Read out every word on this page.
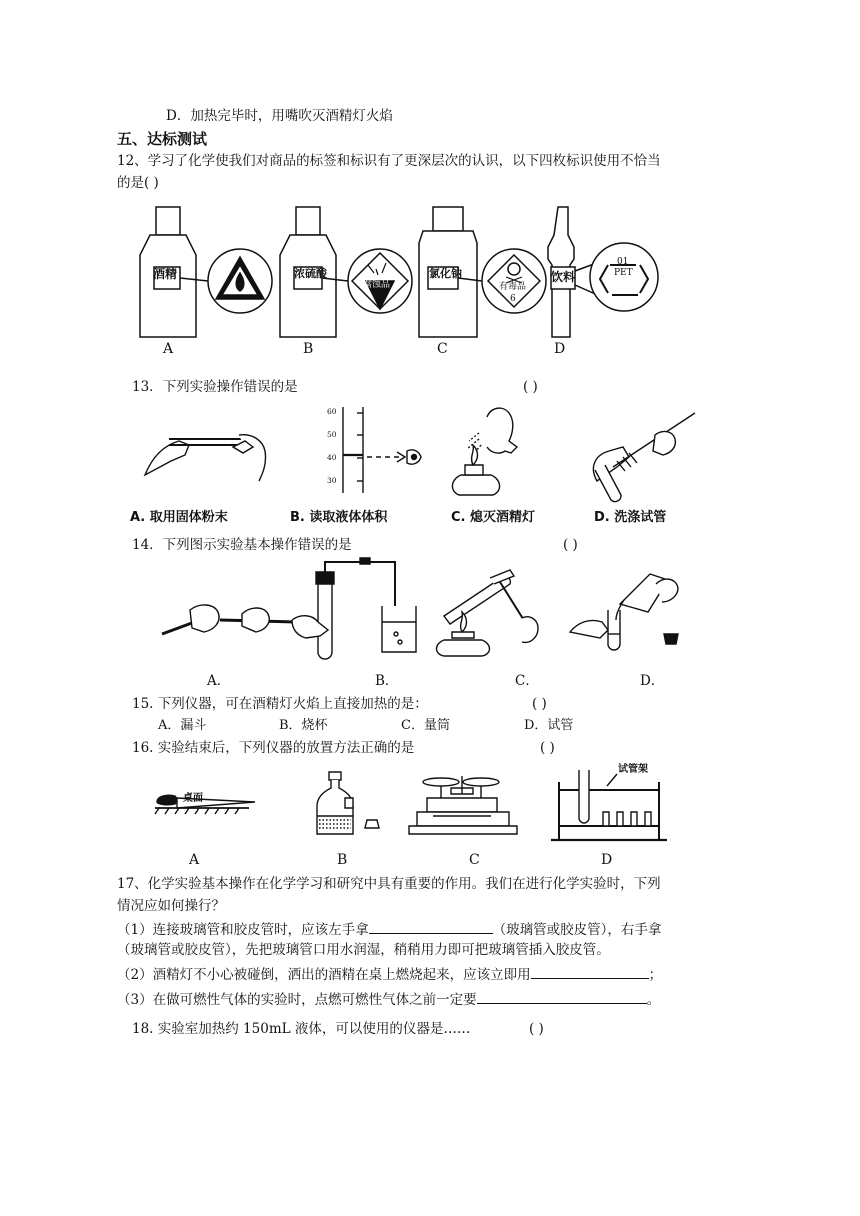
D．加热完毕时，用嘴吹灭酒精灯火焰
五、达标测试
12、学习了化学使我们对商品的标签和标识有了更深层次的认识，以下四枚标识使用不恰当
的是( )
酒精	浓硫酸
腐蚀品
8
氯化钠
有毒品
6
饮料
01
PET
A	B	C	D
13．下列实验操作错误的是	( )
A. 取用固体粉末	B. 读取液体体积	C. 熄灭酒精灯	D. 洗涤试管
60
50
40
30
14．下列图示实验基本操作错误的是	( )
A．	B．	C．	D．
15. 下列仪器，可在酒精灯火焰上直接加热的是：	( )
A．漏斗	B．烧杯	C．量筒	D．试管
16. 实验结束后，下列仪器的放置方法正确的是	( )
桌面
试管架
A	B	C	D
17、化学实验基本操作在化学学习和研究中具有重要的作用。我们在进行化学实验时，下列
情况应如何操行？
（1）连接玻璃管和胶皮管时，应该左手拿	（玻璃管或胶皮管），右手拿
（玻璃管或胶皮管），先把玻璃管口用水润湿，稍稍用力即可把玻璃管插入胶皮管。
（2）酒精灯不小心被碰倒，洒出的酒精在桌上燃烧起来，应该立即用	；
（3）在做可燃性气体的实验时，点燃可燃性气体之前一定要	。
18. 实验室加热约 150mL 液体，可以使用的仪器是……	( )
